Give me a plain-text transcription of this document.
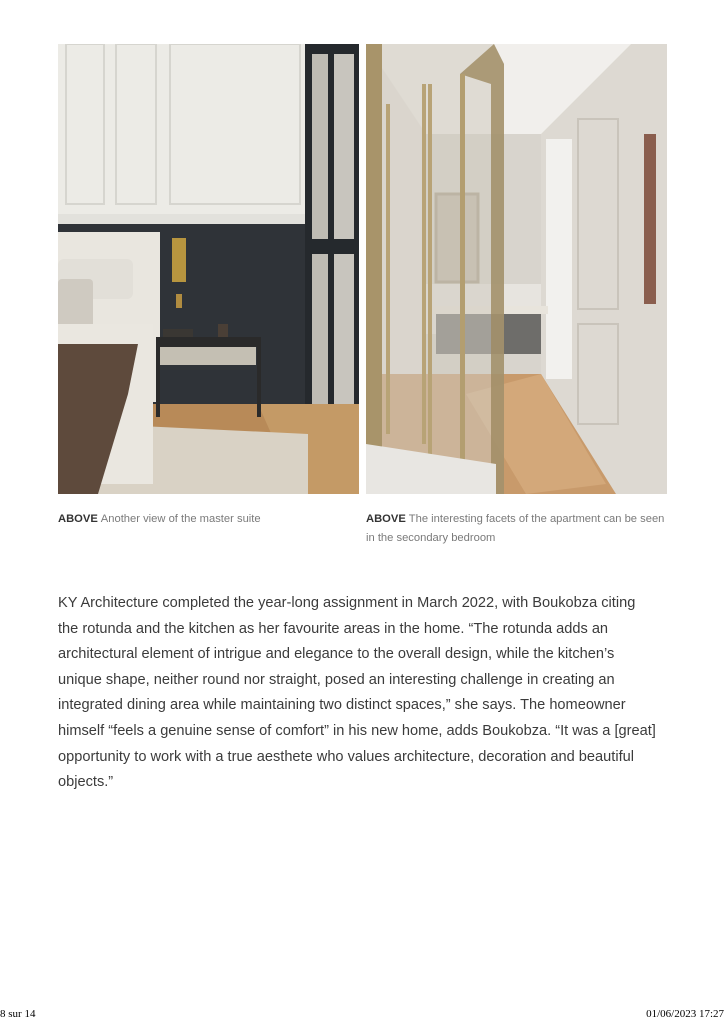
ABOVE Another view of the master suite	ABOVE The interesting facets of the apartment can be seen in the secondary bedroom

KY Architecture completed the year-long assignment in March 2022, with Boukobza citing the rotunda and the kitchen as her favourite areas in the home. “The rotunda adds an architectural element of intrigue and elegance to the overall design, while the kitchen’s unique shape, neither round nor straight, posed an interesting challenge in creating an integrated dining area while maintaining two distinct spaces,” she says. The homeowner himself “feels a genuine sense of comfort” in his new home, adds Boukobza. “It was a [great] opportunity to work with a true aesthete who values architecture, decoration and beautiful objects.”

8 sur 14	01/06/2023 17:27
